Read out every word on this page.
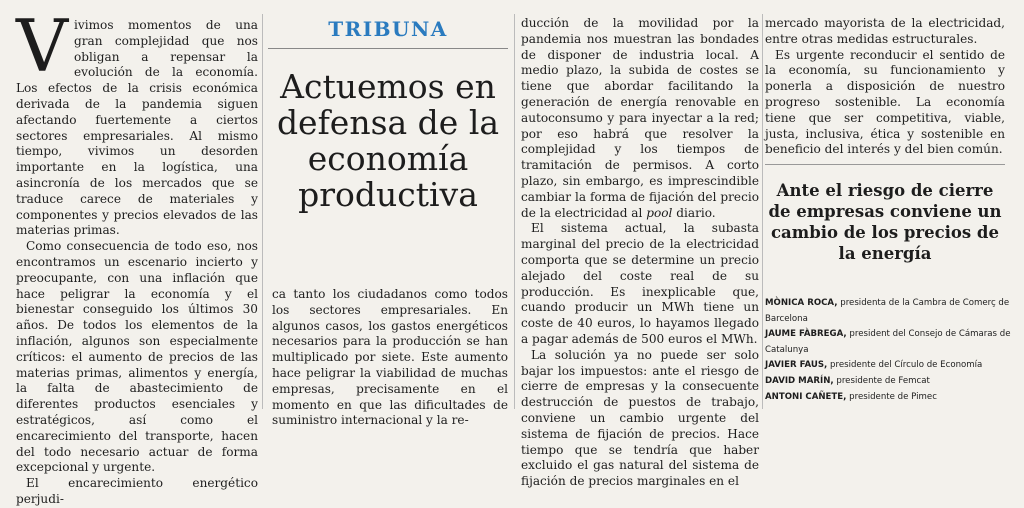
Vivimos momentos de una gran complejidad que nos obligan a repensar la evolución de la economía. Los efectos de la crisis económica derivada de la pandemia siguen afectando fuertemente a ciertos sectores empresariales. Al mismo tiempo, vivimos un desorden importante en la logística, una asincronía de los mercados que se traduce carece de materiales y componentes y precios elevados de las materias primas.

Como consecuencia de todo eso, nos encontramos un escenario incierto y preocupante, con una inflación que hace peligrar la economía y el bienestar conseguido los últimos 30 años. De todos los elementos de la inflación, algunos son especialmente críticos: el aumento de precios de las materias primas, alimentos y energía, la falta de abastecimiento de diferentes productos esenciales y estratégicos, así como el encarecimiento del transporte, hacen del todo necesario actuar de forma excepcional y urgente.

El encarecimiento energético perjudi-

TRIBUNA
Actuemos en defensa de la economía productiva

ca tanto los ciudadanos como todos los sectores empresariales. En algunos casos, los gastos energéticos necesarios para la producción se han multiplicado por siete. Este aumento hace peligrar la viabilidad de muchas empresas, precisamente en el momento en que las dificultades de suministro internacional y la re-

ducción de la movilidad por la pandemia nos muestran las bondades de disponer de industria local. A medio plazo, la subida de costes se tiene que abordar facilitando la generación de energía renovable en autoconsumo y para inyectar a la red; por eso habrá que resolver la complejidad y los tiempos de tramitación de permisos. A corto plazo, sin embargo, es imprescindible cambiar la forma de fijación del precio de la electricidad al pool diario.

El sistema actual, la subasta marginal del precio de la electricidad comporta que se determine un precio alejado del coste real de su producción. Es inexplicable que, cuando producir un MWh tiene un coste de 40 euros, lo hayamos llegado a pagar además de 500 euros el MWh.

La solución ya no puede ser solo bajar los impuestos: ante el riesgo de cierre de empresas y la consecuente destrucción de puestos de trabajo, conviene un cambio urgente del sistema de fijación de precios. Hace tiempo que se tendría que haber excluido el gas natural del sistema de fijación de precios marginales en el

mercado mayorista de la electricidad, entre otras medidas estructurales.

Es urgente reconducir el sentido de la economía, su funcionamiento y ponerla a disposición de nuestro progreso sostenible. La economía tiene que ser competitiva, viable, justa, inclusiva, ética y sostenible en beneficio del interés y del bien común.

Ante el riesgo de cierre de empresas conviene un cambio de los precios de la energía
MÒNICA ROCA, presidenta de la Cambra de Comerç de Barcelona
JAUME FÀBREGA, president del Consejo de Cámaras de Catalunya
JAVIER FAUS, presidente del Círculo de Economía
DAVID MARÍN, presidente de Femcat
ANTONI CAÑETE, presidente de Pimec
